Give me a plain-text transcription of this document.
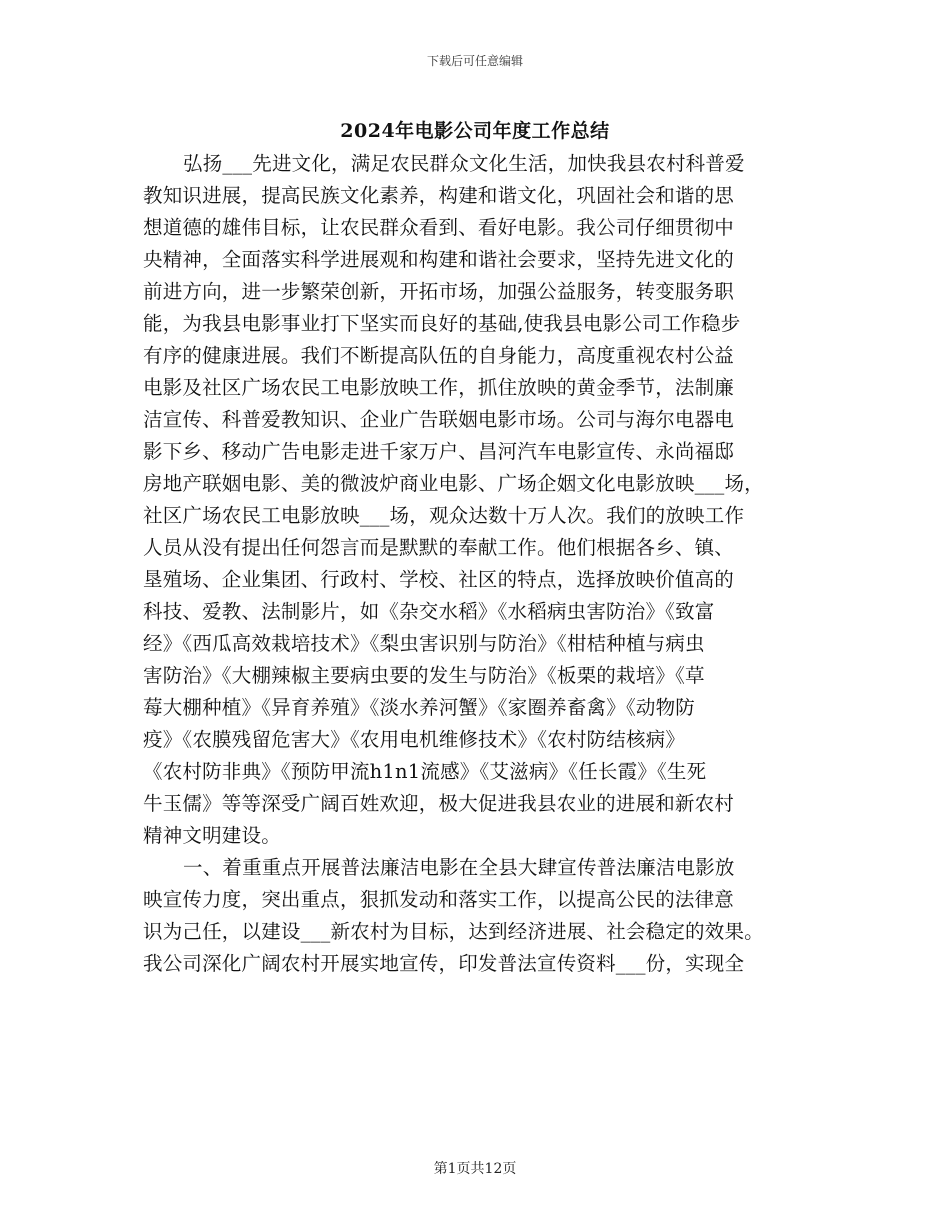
下载后可任意编辑
2024年电影公司年度工作总结
弘扬___先进文化，满足农民群众文化生活，加快我县农村科普爱
教知识进展，提高民族文化素养，构建和谐文化，巩固社会和谐的思
想道德的雄伟目标，让农民群众看到、看好电影。我公司仔细贯彻中
央精神，全面落实科学进展观和构建和谐社会要求，坚持先进文化的
前进方向，进一步繁荣创新，开拓市场，加强公益服务，转变服务职
能，为我县电影事业打下坚实而良好的基础,使我县电影公司工作稳步
有序的健康进展。我们不断提高队伍的自身能力，高度重视农村公益
电影及社区广场农民工电影放映工作，抓住放映的黄金季节，法制廉
洁宣传、科普爱教知识、企业广告联姻电影市场。公司与海尔电器电
影下乡、移动广告电影走进千家万户、昌河汽车电影宣传、永尚福邸
房地产联姻电影、美的微波炉商业电影、广场企姻文化电影放映___场，
社区广场农民工电影放映___场，观众达数十万人次。我们的放映工作
人员从没有提出任何怨言而是默默的奉献工作。他们根据各乡、镇、
垦殖场、企业集团、行政村、学校、社区的特点，选择放映价值高的
科技、爱教、法制影片，如《杂交水稻》《水稻病虫害防治》《致富
经》《西瓜高效栽培技术》《梨虫害识别与防治》《柑桔种植与病虫
害防治》《大棚辣椒主要病虫要的发生与防治》《板栗的栽培》《草
莓大棚种植》《异育养殖》《淡水养河蟹》《家圈养畜禽》《动物防
疫》《农膜残留危害大》《农用电机维修技术》《农村防结核病》
《农村防非典》《预防甲流h1n1流感》《艾滋病》《任长霞》《生死
牛玉儒》等等深受广阔百姓欢迎，极大促进我县农业的进展和新农村
精神文明建设。
一、着重重点开展普法廉洁电影在全县大肆宣传普法廉洁电影放
映宣传力度，突出重点，狠抓发动和落实工作，以提高公民的法律意
识为己任，以建设___新农村为目标，达到经济进展、社会稳定的效果。
我公司深化广阔农村开展实地宣传，印发普法宣传资料___份，实现全
第1页共12页
